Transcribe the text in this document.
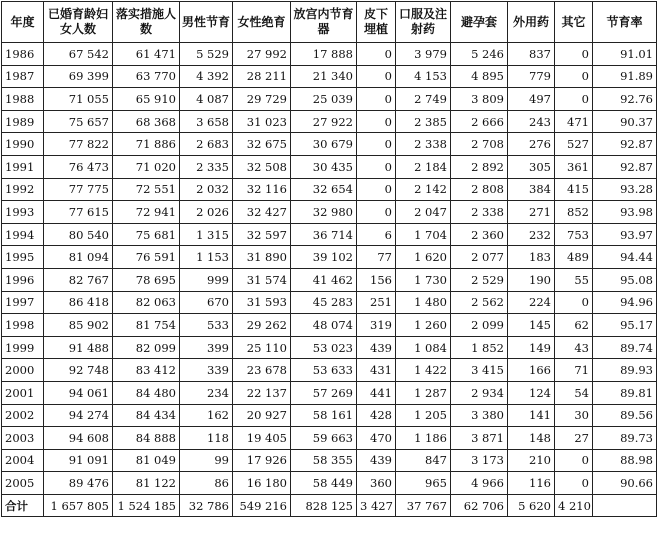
年度	已婚育龄妇女人数	落实措施人数	男性节育	女性绝育	放宫内节育器	皮下埋植	口服及注射药	避孕套	外用药	其它	节育率
1986	67 542	61 471	5 529	27 992	17 888	0	3 979	5 246	837	0	91.01
1987	69 399	63 770	4 392	28 211	21 340	0	4 153	4 895	779	0	91.89
1988	71 055	65 910	4 087	29 729	25 039	0	2 749	3 809	497	0	92.76
1989	75 657	68 368	3 658	31 023	27 922	0	2 385	2 666	243	471	90.37
1990	77 822	71 886	2 683	32 675	30 679	0	2 338	2 708	276	527	92.87
1991	76 473	71 020	2 335	32 508	30 435	0	2 184	2 892	305	361	92.87
1992	77 775	72 551	2 032	32 116	32 654	0	2 142	2 808	384	415	93.28
1993	77 615	72 941	2 026	32 427	32 980	0	2 047	2 338	271	852	93.98
1994	80 540	75 681	1 315	32 597	36 714	6	1 704	2 360	232	753	93.97
1995	81 094	76 591	1 153	31 890	39 102	77	1 620	2 077	183	489	94.44
1996	82 767	78 695	999	31 574	41 462	156	1 730	2 529	190	55	95.08
1997	86 418	82 063	670	31 593	45 283	251	1 480	2 562	224	0	94.96
1998	85 902	81 754	533	29 262	48 074	319	1 260	2 099	145	62	95.17
1999	91 488	82 099	399	25 110	53 023	439	1 084	1 852	149	43	89.74
2000	92 748	83 412	339	23 678	53 633	431	1 422	3 415	166	71	89.93
2001	94 061	84 480	234	22 137	57 269	441	1 287	2 934	124	54	89.81
2002	94 274	84 434	162	20 927	58 161	428	1 205	3 380	141	30	89.56
2003	94 608	84 888	118	19 405	59 663	470	1 186	3 871	148	27	89.73
2004	91 091	81 049	99	17 926	58 355	439	847	3 173	210	0	88.98
2005	89 476	81 122	86	16 180	58 449	360	965	4 966	116	0	90.66
合计	1 657 805	1 524 185	32 786	549 216	828 125	3 427	37 767	62 706	5 620	4 210	
